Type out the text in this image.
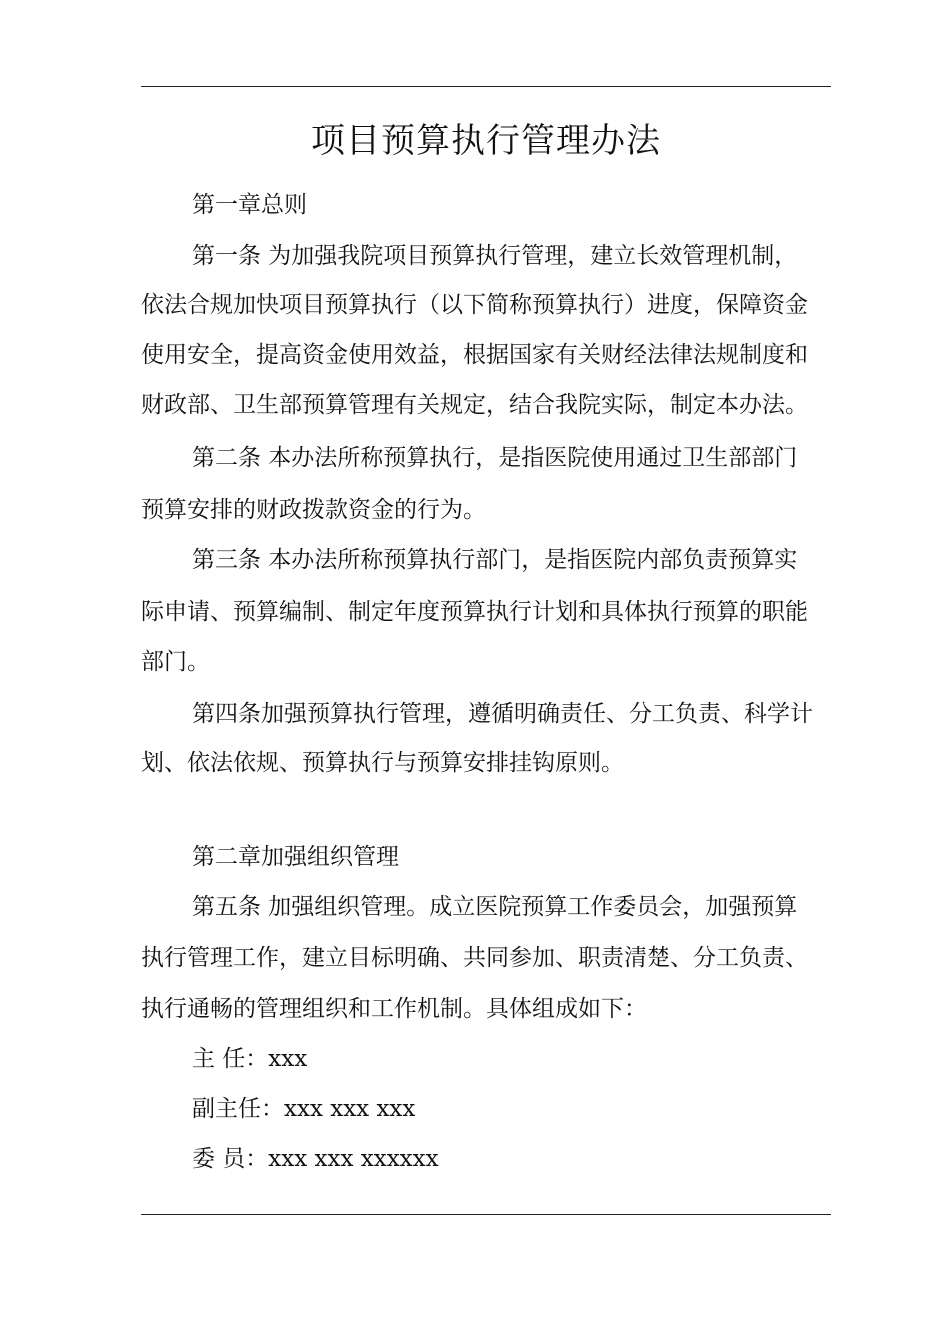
项目预算执行管理办法

第一章总则

第一条 为加强我院项目预算执行管理，建立长效管理机制，

依法合规加快项目预算执行（以下简称预算执行）进度，保障资金

使用安全，提高资金使用效益，根据国家有关财经法律法规制度和

财政部、卫生部预算管理有关规定，结合我院实际，制定本办法。

第二条 本办法所称预算执行，是指医院使用通过卫生部部门

预算安排的财政拨款资金的行为。

第三条 本办法所称预算执行部门，是指医院内部负责预算实

际申请、预算编制、制定年度预算执行计划和具体执行预算的职能

部门。

第四条加强预算执行管理，遵循明确责任、分工负责、科学计

划、依法依规、预算执行与预算安排挂钩原则。

第二章加强组织管理

第五条 加强组织管理。成立医院预算工作委员会，加强预算

执行管理工作，建立目标明确、共同参加、职责清楚、分工负责、

执行通畅的管理组织和工作机制。具体组成如下：

主 任：xxx

副主任：xxx xxx xxx

委 员：xxx xxx xxxxxx
